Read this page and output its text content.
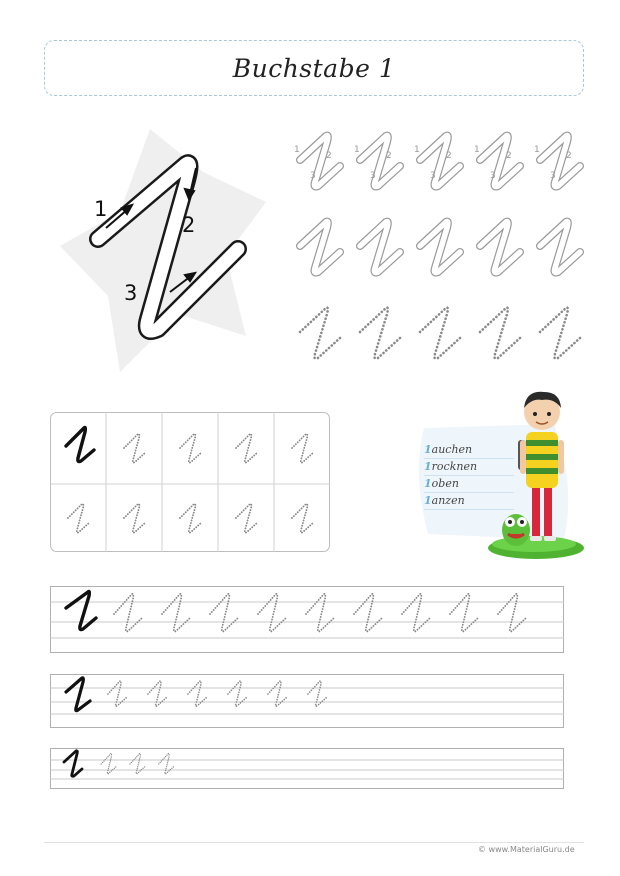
Buchstabe 1
1
2
3
1
2
3
1
2
3
1
2
3
1
2
3
1
2
3
1auchen
1rocknen
1oben
1anzen
© www.MaterialGuru.de
